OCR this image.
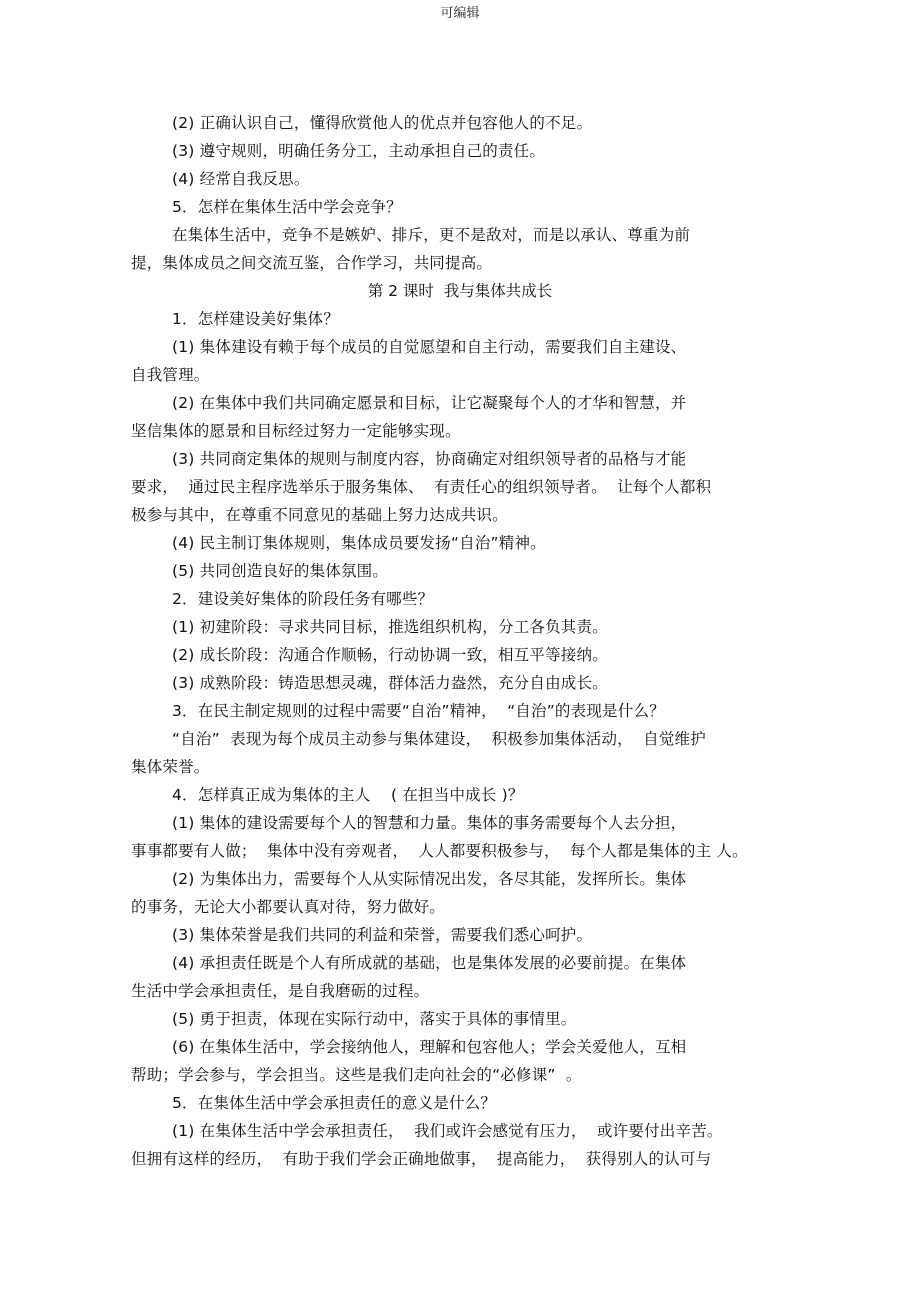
可编辑
(2) 正确认识自己，懂得欣赏他人的优点并包容他人的不足。
(3) 遵守规则，明确任务分工，主动承担自己的责任。
(4) 经常自我反思。
5．怎样在集体生活中学会竞争？
在集体生活中，竞争不是嫉妒、排斥，更不是敌对，而是以承认、尊重为前
提，集体成员之间交流互鉴，合作学习，共同提高。
第 2 课时  我与集体共成长
1．怎样建设美好集体？
(1) 集体建设有赖于每个成员的自觉愿望和自主行动，需要我们自主建设、
自我管理。
(2) 在集体中我们共同确定愿景和目标，让它凝聚每个人的才华和智慧，并
坚信集体的愿景和目标经过努力一定能够实现。
(3) 共同商定集体的规则与制度内容，协商确定对组织领导者的品格与才能
要求，  通过民主程序选举乐于服务集体、  有责任心的组织领导者。  让每个人都积
极参与其中，在尊重不同意见的基础上努力达成共识。
(4) 民主制订集体规则，集体成员要发扬“自治”精神。
(5) 共同创造良好的集体氛围。
2．建设美好集体的阶段任务有哪些？
(1) 初建阶段：寻求共同目标，推选组织机构，分工各负其责。
(2) 成长阶段：沟通合作顺畅，行动协调一致，相互平等接纳。
(3) 成熟阶段：铸造思想灵魂，群体活力盎然，充分自由成长。
3．在民主制定规则的过程中需要“自治”精神，  “自治”的表现是什么？
“自治”  表现为每个成员主动参与集体建设，  积极参加集体活动，  自觉维护
集体荣誉。
4．怎样真正成为集体的主人    ( 在担当中成长 )？
(1) 集体的建设需要每个人的智慧和力量。集体的事务需要每个人去分担，
事事都要有人做；  集体中没有旁观者，  人人都要积极参与，  每个人都是集体的主 人。
(2) 为集体出力，需要每个人从实际情况出发，各尽其能，发挥所长。集体
的事务，无论大小都要认真对待，努力做好。
(3) 集体荣誉是我们共同的利益和荣誉，需要我们悉心呵护。
(4) 承担责任既是个人有所成就的基础，也是集体发展的必要前提。在集体
生活中学会承担责任，是自我磨砺的过程。
(5) 勇于担责，体现在实际行动中，落实于具体的事情里。
(6) 在集体生活中，学会接纳他人，理解和包容他人；学会关爱他人，互相
帮助；学会参与，学会担当。这些是我们走向社会的“必修课”  。
5．在集体生活中学会承担责任的意义是什么？
(1) 在集体生活中学会承担责任，  我们或许会感觉有压力，  或许要付出辛苦。
但拥有这样的经历，  有助于我们学会正确地做事，  提高能力，  获得别人的认可与
